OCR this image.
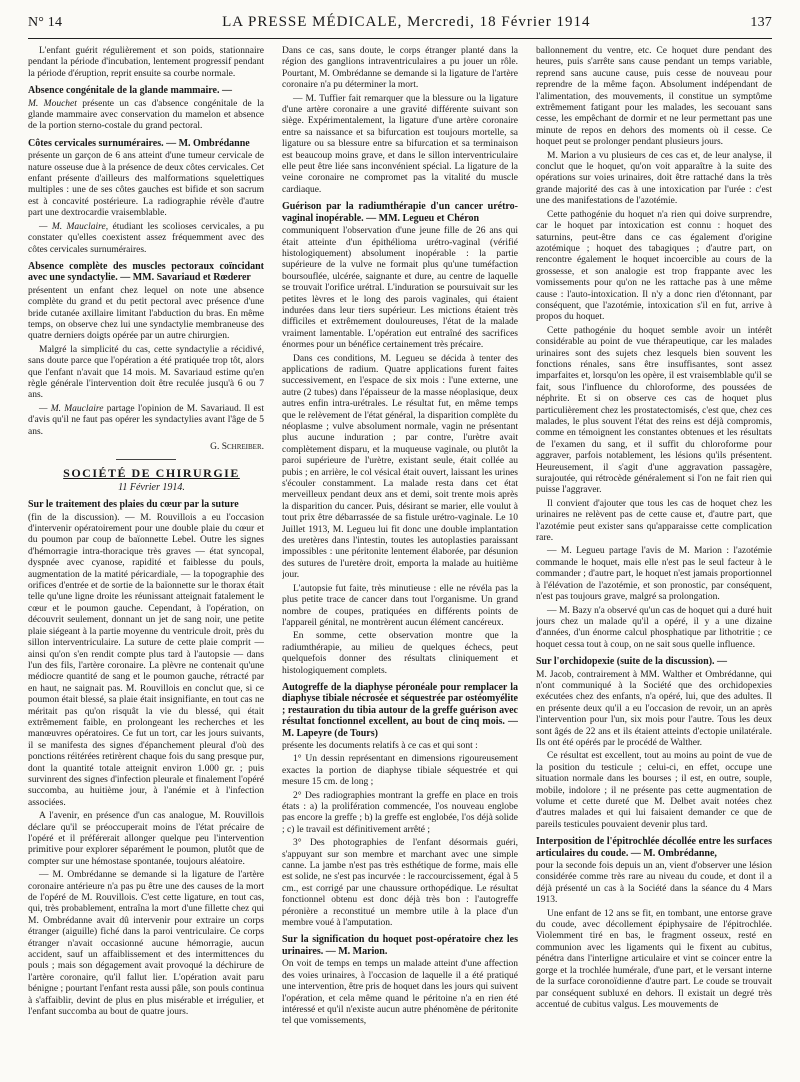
N° 14	LA PRESSE MÉDICALE, Mercredi, 18 Février 1914	137

L'enfant guérit régulièrement et son poids, stationnaire pendant la période d'incubation, lentement progressif pendant la période d'éruption, reprit ensuite sa courbe normale.

Absence congénitale de la glande mammaire. —

M. Mouchet présente un cas d'absence congénitale de la glande mammaire avec conservation du mamelon et absence de la portion sterno-costale du grand pectoral.

Côtes cervicales surnuméraires. — M. Ombrédanne

présente un garçon de 6 ans atteint d'une tumeur cervicale de nature osseuse due à la présence de deux côtes cervicales. Cet enfant présente d'ailleurs des malformations squelettiques multiples : une de ses côtes gauches est bifide et son sacrum est à concavité postérieure. La radiographie révèle d'autre part une dextrocardie vraisemblable.

— M. Mauclaire, étudiant les scolioses cervicales, a pu constater qu'elles coexistent assez fréquemment avec des côtes cervicales surnuméraires.

Absence complète des muscles pectoraux coïncidant avec une syndactylie. — MM. Savariaud et Rœderer

présentent un enfant chez lequel on note une absence complète du grand et du petit pectoral avec présence d'une bride cutanée axillaire limitant l'abduction du bras. En même temps, on observe chez lui une syndactylie membraneuse des quatre derniers doigts opérée par un autre chirurgien.

Malgré la simplicité du cas, cette syndactylie a récidivé, sans doute parce que l'opération a été pratiquée trop tôt, alors que l'enfant n'avait que 14 mois. M. Savariaud estime qu'en règle générale l'intervention doit être reculée jusqu'à 6 ou 7 ans.

— M. Mauclaire partage l'opinion de M. Savariaud. Il est d'avis qu'il ne faut pas opérer les syndactylies avant l'âge de 5 ans.

G. Schreiber.

SOCIÉTÉ DE CHIRURGIE

11 Février 1914.

Sur le traitement des plaies du cœur par la suture

(fin de la discussion). — M. Rouvillois a eu l'occasion d'intervenir opératoirement pour une double plaie du cœur et du poumon par coup de baïonnette Lebel. Outre les signes d'hémorragie intra-thoracique très graves — état syncopal, dyspnée avec cyanose, rapidité et faiblesse du pouls, augmentation de la matité péricardiale, — la topographie des orifices d'entrée et de sortie de la baïonnette sur le thorax était telle qu'une ligne droite les réunissant atteignait fatalement le cœur et le poumon gauche. Cependant, à l'opération, on découvrit seulement, donnant un jet de sang noir, une petite plaie siégeant à la partie moyenne du ventricule droit, près du sillon interventriculaire. La suture de cette plaie comprit — ainsi qu'on s'en rendit compte plus tard à l'autopsie — dans l'un des fils, l'artère coronaire. La plèvre ne contenait qu'une médiocre quantité de sang et le poumon gauche, rétracté par en haut, ne saignait pas. M. Rouvillois en conclut que, si ce poumon était blessé, sa plaie était insignifiante, en tout cas ne méritait pas qu'on risquât la vie du blessé, qui était extrêmement faible, en prolongeant les recherches et les manœuvres opératoires. Ce fut un tort, car les jours suivants, il se manifesta des signes d'épanchement pleural d'où des ponctions réitérées retirèrent chaque fois du sang presque pur, dont la quantité totale atteignit environ 1.000 gr. ; puis survinrent des signes d'infection pleurale et finalement l'opéré succomba, au huitième jour, à l'anémie et à l'infection associées.

A l'avenir, en présence d'un cas analogue, M. Rouvillois déclare qu'il se préoccuperait moins de l'état précaire de l'opéré et il préférerait allonger quelque peu l'intervention primitive pour explorer séparément le poumon, plutôt que de compter sur une hémostase spontanée, toujours aléatoire.

— M. Ombrédanne se demande si la ligature de l'artère coronaire antérieure n'a pas pu être une des causes de la mort de l'opéré de M. Rouvillois. C'est cette ligature, en tout cas, qui, très probablement, entraîna la mort d'une fillette chez qui M. Ombrédanne avait dû intervenir pour extraire un corps étranger (aiguille) fiché dans la paroi ventriculaire. Ce corps étranger n'avait occasionné aucune hémorragie, aucun accident, sauf un affaiblissement et des intermittences du pouls ; mais son dégagement avait provoqué la déchirure de l'artère coronaire, qu'il fallut lier. L'opération avait paru bénigne ; pourtant l'enfant resta aussi pâle, son pouls continua à s'affaiblir, devint de plus en plus misérable et irrégulier, et l'enfant succomba au bout de quatre jours.

Dans ce cas, sans doute, le corps étranger planté dans la région des ganglions intraventriculaires a pu jouer un rôle. Pourtant, M. Ombrédanne se demande si la ligature de l'artère coronaire n'a pu déterminer la mort.

— M. Tuffier fait remarquer que la blessure ou la ligature d'une artère coronaire a une gravité différente suivant son siège. Expérimentalement, la ligature d'une artère coronaire entre sa naissance et sa bifurcation est toujours mortelle, sa ligature ou sa blessure entre sa bifurcation et sa terminaison est beaucoup moins grave, et dans le sillon interventriculaire elle peut être liée sans inconvénient spécial. La ligature de la veine coronaire ne compromet pas la vitalité du muscle cardiaque.

Guérison par la radiumthérapie d'un cancer urétro-vaginal inopérable. — MM. Legueu et Chéron

communiquent l'observation d'une jeune fille de 26 ans qui était atteinte d'un épithélioma urétro-vaginal (vérifié histologiquement) absolument inopérable : la partie supérieure de la vulve ne formait plus qu'une tuméfaction boursouflée, ulcérée, saignante et dure, au centre de laquelle se trouvait l'orifice urétral. L'induration se poursuivait sur les petites lèvres et le long des parois vaginales, qui étaient indurées dans leur tiers supérieur. Les mictions étaient très difficiles et extrêmement douloureuses, l'état de la malade vraiment lamentable. L'opération eut entraîné des sacrifices énormes pour un bénéfice certainement très précaire.

Dans ces conditions, M. Legueu se décida à tenter des applications de radium. Quatre applications furent faites successivement, en l'espace de six mois : l'une externe, une autre (2 tubes) dans l'épaisseur de la masse néoplasique, deux autres enfin intra-urétrales. Le résultat fut, en même temps que le relèvement de l'état général, la disparition complète du néoplasme ; vulve absolument normale, vagin ne présentant plus aucune induration ; par contre, l'urètre avait complètement disparu, et la muqueuse vaginale, ou plutôt la paroi supérieure de l'urètre, existant seule, était collée au pubis ; en arrière, le col vésical était ouvert, laissant les urines s'écouler constamment. La malade resta dans cet état merveilleux pendant deux ans et demi, soit trente mois après la disparition du cancer. Puis, désirant se marier, elle voulut à tout prix être débarrassée de sa fistule urétro-vaginale. Le 10 Juillet 1913, M. Legueu lui fit donc une double implantation des uretères dans l'intestin, toutes les autoplasties paraissant impossibles : une péritonite lentement élaborée, par désunion des sutures de l'uretère droit, emporta la malade au huitième jour.

L'autopsie fut faite, très minutieuse : elle ne révéla pas la plus petite trace de cancer dans tout l'organisme. Un grand nombre de coupes, pratiquées en différents points de l'appareil génital, ne montrèrent aucun élément cancéreux.

En somme, cette observation montre que la radiumthérapie, au milieu de quelques échecs, peut quelquefois donner des résultats cliniquement et histologiquement complets.

Autogreffe de la diaphyse péronéale pour remplacer la diaphyse tibiale nécrosée et séquestrée par ostéomyélite ; restauration du tibia autour de la greffe guérison avec résultat fonctionnel excellent, au bout de cinq mois. — M. Lapeyre (de Tours)

présente les documents relatifs à ce cas et qui sont :

1° Un dessin représentant en dimensions rigoureusement exactes la portion de diaphyse tibiale séquestrée et qui mesure 15 cm. de long ;

2° Des radiographies montrant la greffe en place en trois états : a) la prolifération commencée, l'os nouveau englobe pas encore la greffe ; b) la greffe est englobée, l'os déjà solide ; c) le travail est définitivement arrêté ;

3° Des photographies de l'enfant désormais guéri, s'appuyant sur son membre et marchant avec une simple canne. La jambe n'est pas très esthétique de forme, mais elle est solide, ne s'est pas incurvée : le raccourcissement, égal à 5 cm., est corrigé par une chaussure orthopédique. Le résultat fonctionnel obtenu est donc déjà très bon : l'autogreffe péronière a reconstitué un membre utile à la place d'un membre voué à l'amputation.

Sur la signification du hoquet post-opératoire chez les urinaires. — M. Marion.

On voit de temps en temps un malade atteint d'une affection des voies urinaires, à l'occasion de laquelle il a été pratiqué une intervention, être pris de hoquet dans les jours qui suivent l'opération, et cela même quand le péritoine n'a en rien été intéressé et qu'il n'existe aucun autre phénomène de péritonite tel que vomissements,

ballonnement du ventre, etc. Ce hoquet dure pendant des heures, puis s'arrête sans cause pendant un temps variable, reprend sans aucune cause, puis cesse de nouveau pour reprendre de la même façon. Absolument indépendant de l'alimentation, des mouvements, il constitue un symptôme extrêmement fatigant pour les malades, les secouant sans cesse, les empêchant de dormir et ne leur permettant pas une minute de repos en dehors des moments où il cesse. Ce hoquet peut se prolonger pendant plusieurs jours.

M. Marion a vu plusieurs de ces cas et, de leur analyse, il conclut que le hoquet, qu'on voit apparaître à la suite des opérations sur voies urinaires, doit être rattaché dans la très grande majorité des cas à une intoxication par l'urée : c'est une des manifestations de l'azotémie.

Cette pathogénie du hoquet n'a rien qui doive surprendre, car le hoquet par intoxication est connu : hoquet des saturnins, peut-être dans ce cas également d'origine azotémique ; hoquet des tabagiques ; d'autre part, on rencontre également le hoquet incoercible au cours de la grossesse, et son analogie est trop frappante avec les vomissements pour qu'on ne les rattache pas à une même cause : l'auto-intoxication. Il n'y a donc rien d'étonnant, par conséquent, que l'azotémie, intoxication s'il en fut, arrive à propos du hoquet.

Cette pathogénie du hoquet semble avoir un intérêt considérable au point de vue thérapeutique, car les malades urinaires sont des sujets chez lesquels bien souvent les fonctions rénales, sans être insuffisantes, sont assez imparfaites et, lorsqu'on les opère, il est vraisemblable qu'il se fait, sous l'influence du chloroforme, des poussées de néphrite. Et si on observe ces cas de hoquet plus particulièrement chez les prostatectomisés, c'est que, chez ces malades, le plus souvent l'état des reins est déjà compromis, comme en témoignent les constantes obtenues et les résultats de l'examen du sang, et il suffit du chloroforme pour aggraver, parfois notablement, les lésions qu'ils présentent. Heureusement, il s'agit d'une aggravation passagère, surajoutée, qui rétrocède généralement si l'on ne fait rien qui puisse l'aggraver.

Il convient d'ajouter que tous les cas de hoquet chez les urinaires ne relèvent pas de cette cause et, d'autre part, que l'azotémie peut exister sans qu'apparaisse cette complication rare.

— M. Legueu partage l'avis de M. Marion : l'azotémie commande le hoquet, mais elle n'est pas le seul facteur à le commander ; d'autre part, le hoquet n'est jamais proportionnel à l'élévation de l'azotémie, et son pronostic, par conséquent, n'est pas toujours grave, malgré sa prolongation.

— M. Bazy n'a observé qu'un cas de hoquet qui a duré huit jours chez un malade qu'il a opéré, il y a une dizaine d'années, d'un énorme calcul phosphatique par lithotritie ; ce hoquet cessa tout à coup, on ne sait sous quelle influence.

Sur l'orchidopexie (suite de la discussion). —

M. Jacob, contrairement à MM. Walther et Ombrédanne, qui n'ont communiqué à la Société que des orchidopexies exécutées chez des enfants, n'a opéré, lui, que des adultes. Il en présente deux qu'il a eu l'occasion de revoir, un an après l'intervention pour l'un, six mois pour l'autre. Tous les deux sont âgés de 22 ans et ils étaient atteints d'ectopie unilatérale. Ils ont été opérés par le procédé de Walther.

Ce résultat est excellent, tout au moins au point de vue de la position du testicule ; celui-ci, en effet, occupe une situation normale dans les bourses ; il est, en outre, souple, mobile, indolore ; il ne présente pas cette augmentation de volume et cette dureté que M. Delbet avait notées chez d'autres malades et qui lui faisaient demander ce que de pareils testicules pouvaient devenir plus tard.

Interposition de l'épitrochlée décollée entre les surfaces articulaires du coude. — M. Ombrédanne,

pour la seconde fois depuis un an, vient d'observer une lésion considérée comme très rare au niveau du coude, et dont il a déjà présenté un cas à la Société dans la séance du 4 Mars 1913.

Une enfant de 12 ans se fit, en tombant, une entorse grave du coude, avec décollement épiphysaire de l'épitrochlée. Violemment tiré en bas, le fragment osseux, resté en communion avec les ligaments qui le fixent au cubitus, pénétra dans l'interligne articulaire et vint se coincer entre la gorge et la trochlée humérale, d'une part, et le versant interne de la surface coronoïdienne d'autre part. Le coude se trouvait par conséquent subluxé en dehors. Il existait un degré très accentué de cubitus valgus. Les mouvements de
